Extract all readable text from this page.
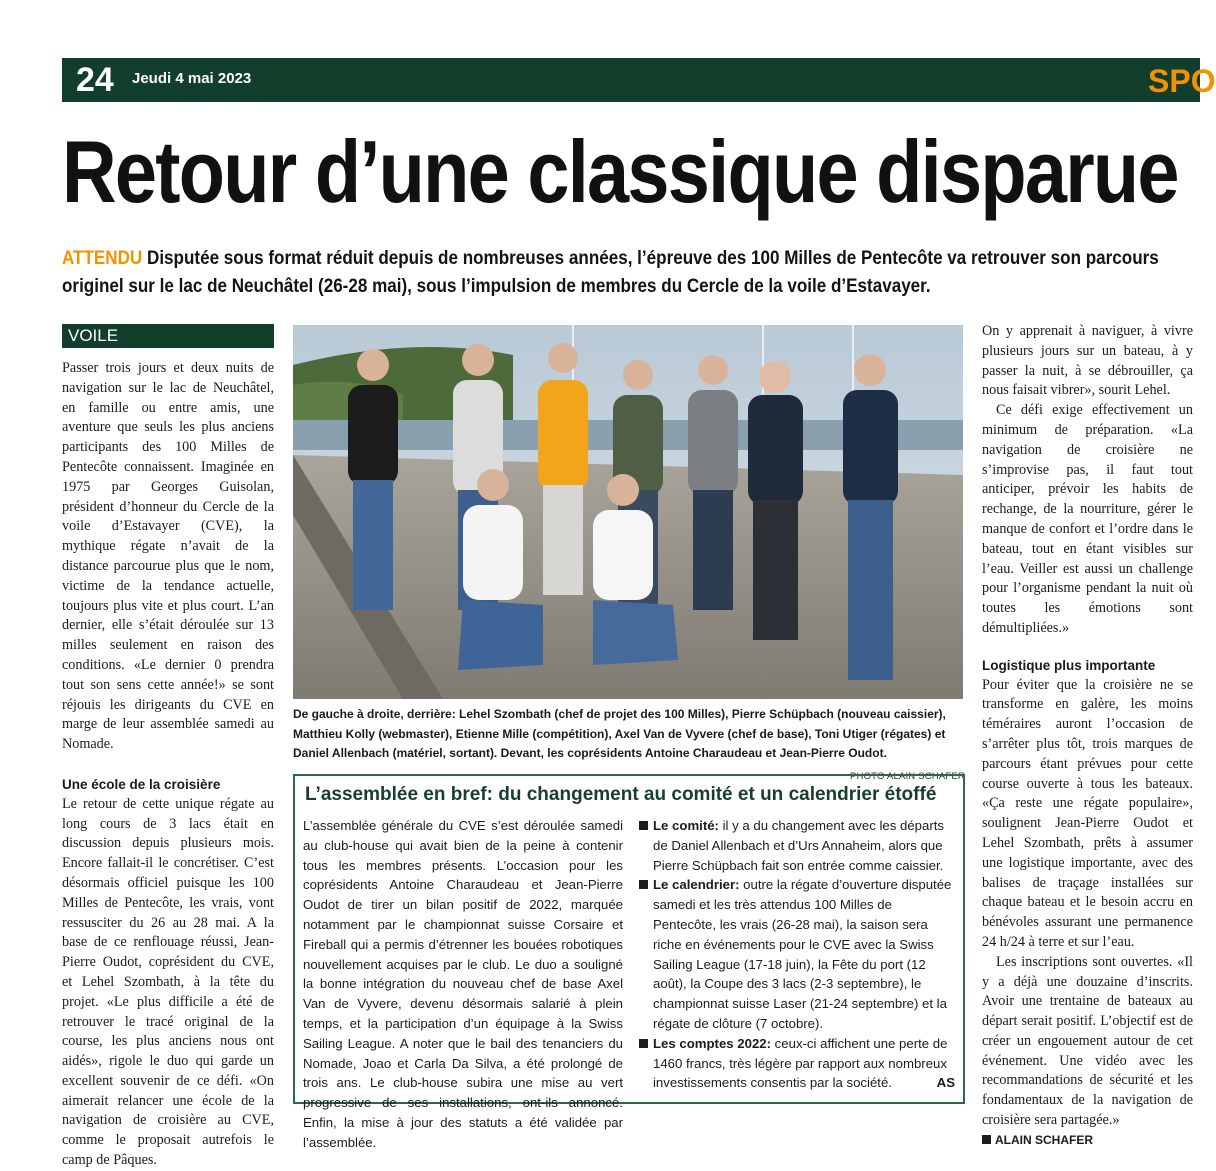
24 Jeudi 4 mai 2023	SPO
Retour d’une classique disparue
ATTENDU Disputée sous format réduit depuis de nombreuses années, l’épreuve des 100 Milles de Pentecôte va retrouver son parcours originel sur le lac de Neuchâtel (26-28 mai), sous l’impulsion de membres du Cercle de la voile d’Estavayer.
VOILE

Passer trois jours et deux nuits de navigation sur le lac de Neuchâtel, en famille ou entre amis, une aventure que seuls les plus anciens participants des 100 Milles de Pentecôte connaissent. Imaginée en 1975 par Georges Guisolan, président d’honneur du Cercle de la voile d’Estavayer (CVE), la mythique régate n’avait de la distance parcourue plus que le nom, victime de la tendance actuelle, toujours plus vite et plus court. L’an dernier, elle s’était déroulée sur 13 milles seulement en raison des conditions. «Le dernier 0 prendra tout son sens cette année!» se sont réjouis les dirigeants du CVE en marge de leur assemblée samedi au Nomade.

Une école de la croisière

Le retour de cette unique régate au long cours de 3 lacs était en discussion depuis plusieurs mois. Encore fallait-il le concrétiser. C’est désormais officiel puisque les 100 Milles de Pentecôte, les vrais, vont ressusciter du 26 au 28 mai. A la base de ce renflouage réussi, Jean-Pierre Oudot, coprésident du CVE, et Lehel Szombath, à la tête du projet. «Le plus difficile a été de retrouver le tracé original de la course, les plus anciens nous ont aidés», rigole le duo qui garde un excellent souvenir de ce défi. «On aimerait relancer une école de la navigation de croisière au CVE, comme le proposait autrefois le camp de Pâques.

De gauche à droite, derrière: Lehel Szombath (chef de projet des 100 Milles), Pierre Schüpbach (nouveau caissier), Matthieu Kolly (webmaster), Etienne Mille (compétition), Axel Van de Vyvere (chef de base), Toni Utiger (régates) et Daniel Allenbach (matériel, sortant). Devant, les coprésidents Antoine Charaudeau et Jean-Pierre Oudot.
PHOTO ALAIN SCHAFER
L’assemblée en bref: du changement au comité et un calendrier étoffé
L’assemblée générale du CVE s’est déroulée samedi au club-house qui avait bien de la peine à contenir tous les membres présents. L’occasion pour les coprésidents Antoine Charaudeau et Jean-Pierre Oudot de tirer un bilan positif de 2022, marquée notamment par le championnat suisse Corsaire et Fireball qui a permis d’étrenner les bouées robotiques nouvellement acquises par le club. Le duo a souligné la bonne intégration du nouveau chef de base Axel Van de Vyvere, devenu désormais salarié à plein temps, et la participation d’un équipage à la Swiss Sailing League. A noter que le bail des tenanciers du Nomade, Joao et Carla Da Silva, a été prolongé de trois ans. Le club-house subira une mise au vert progressive de ses installations, ont-ils annoncé. Enfin, la mise à jour des statuts a été validée par l’assemblée.
Le comité: il y a du changement avec les départs de Daniel Allenbach et d’Urs Annaheim, alors que Pierre Schüpbach fait son entrée comme caissier.
Le calendrier: outre la régate d’ouverture disputée samedi et les très attendus 100 Milles de Pentecôte, les vrais (26-28 mai), la saison sera riche en événements pour le CVE avec la Swiss Sailing League (17-18 juin), la Fête du port (12 août), la Coupe des 3 lacs (2-3 septembre), le championnat suisse Laser (21-24 septembre) et la régate de clôture (7 octobre).
Les comptes 2022: ceux-ci affichent une perte de 1460 francs, très légère par rapport aux nombreux investissements consentis par la société.	AS

On y apprenait à naviguer, à vivre plusieurs jours sur un bateau, à y passer la nuit, à se débrouiller, ça nous faisait vibrer», sourit Lehel.

Ce défi exige effectivement un minimum de préparation. «La navigation de croisière ne s’improvise pas, il faut tout anticiper, prévoir les habits de rechange, de la nourriture, gérer le manque de confort et l’ordre dans le bateau, tout en étant visibles sur l’eau. Veiller est aussi un challenge pour l’organisme pendant la nuit où toutes les émotions sont démultipliées.»

Logistique plus importante

Pour éviter que la croisière ne se transforme en galère, les moins téméraires auront l’occasion de s’arrêter plus tôt, trois marques de parcours étant prévues pour cette course ouverte à tous les bateaux. «Ça reste une régate populaire», soulignent Jean-Pierre Oudot et Lehel Szombath, prêts à assumer une logistique importante, avec des balises de traçage installées sur chaque bateau et le besoin accru en bénévoles assurant une permanence 24 h/24 à terre et sur l’eau.

Les inscriptions sont ouvertes. «Il y a déjà une douzaine d’inscrits. Avoir une trentaine de bateaux au départ serait positif. L’objectif est de créer un engouement autour de cet événement. Une vidéo avec les recommandations de sécurité et les fondamentaux de la navigation de croisière sera partagée.»

ALAIN SCHAFER
